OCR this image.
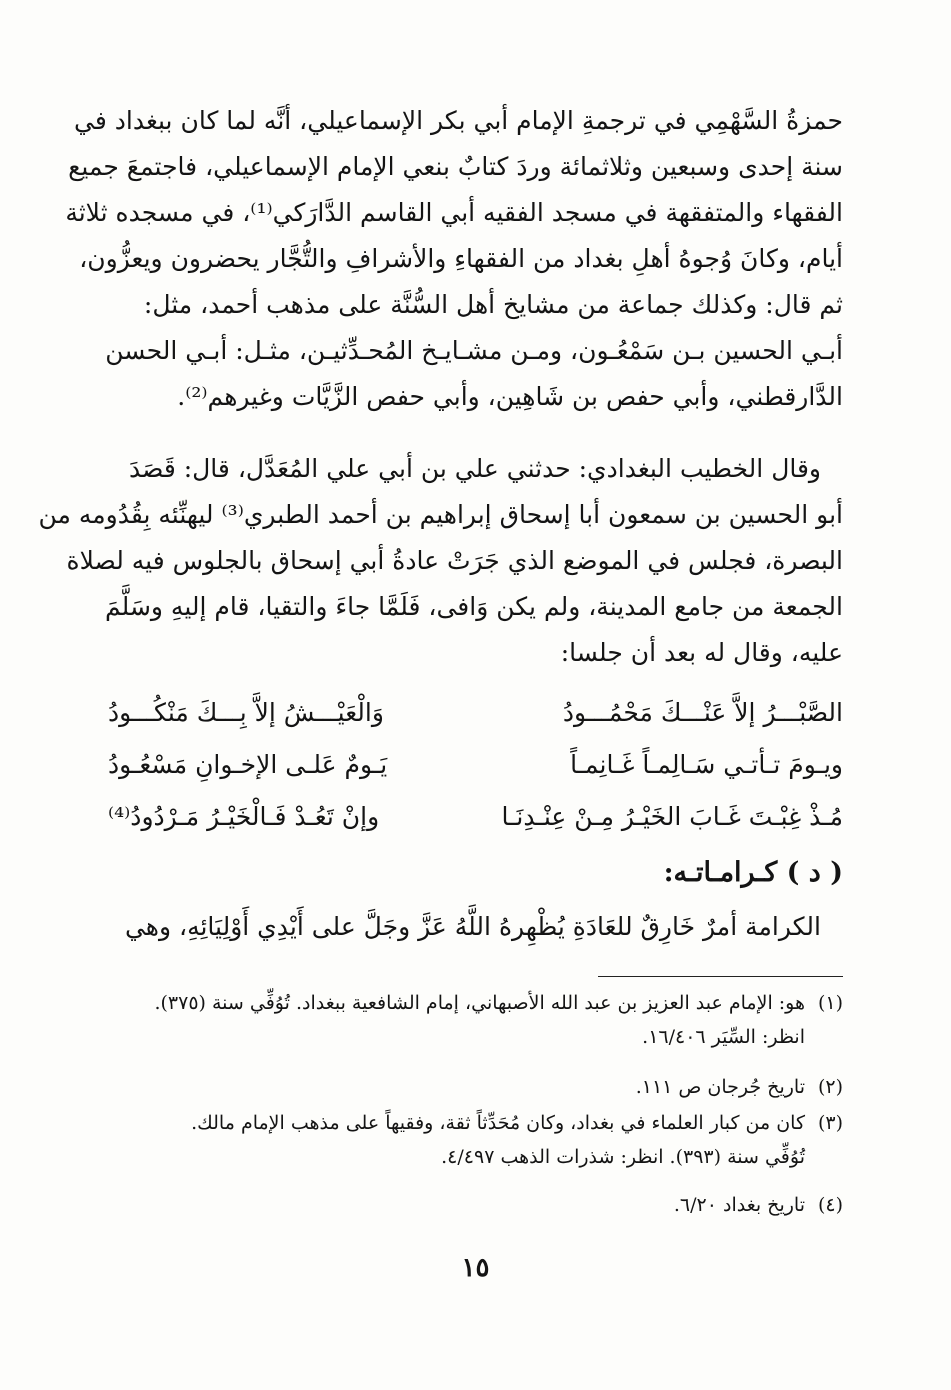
حمزةُ السَّهْمِي في ترجمةِ الإمام أبي بكر الإسماعيلي، أنَّه لما كان ببغداد في
سنة إحدى وسبعين وثلاثمائة وردَ كتابٌ بنعي الإمام الإسماعيلي، فاجتمعَ جميع
الفقهاء والمتفقهة في مسجد الفقيه أبي القاسم الدَّارَكي⁽¹⁾، في مسجده ثلاثة
أيام، وكانَ وُجوهُ أهلِ بغداد من الفقهاءِ والأشرافِ والتُّجَّار يحضرون ويعزُّون،
ثم قال: وكذلك جماعة من مشايخ أهل السُّنَّة على مذهب أحمد، مثل:
أبـي الحسين بـن سَمْعُـون، ومـن مشـايـخ المُحـدِّثيـن، مثـل: أبـي الحسن
الدَّارقطني، وأبي حفص بن شَاهِين، وأبي حفص الزَّيَّات وغيرهم⁽²⁾.
وقال الخطيب البغدادي: حدثني علي بن أبي علي المُعَدَّل، قال: قَصَدَ
أبو الحسين بن سمعون أبا إسحاق إبراهيم بن أحمد الطبري⁽³⁾ ليهنِّئه بِقُدُومه من
البصرة، فجلس في الموضع الذي جَرَتْ عادةُ أبي إسحاق بالجلوس فيه لصلاة
الجمعة من جامع المدينة، ولم يكن وَافى، فَلَمَّا جاءَ والتقيا، قام إليهِ وسَلَّمَ
عليه، وقال له بعد أن جلسا:
الصَّبْـــرُ إلاَّ عَنْـــكَ مَحْمُـــودُ
وَالْعَيْـــشُ إلاَّ بِـــكَ مَنْكُـــودُ
ويـومَ تـأتـي سَـالِمـاً غَـانِمـاً
يَـومٌ عَلـى الإخـوانِ مَسْعُـودُ
مُـذْ غِبْـتَ غَـابَ الخَيْـرُ مِـنْ عِنْـدِنَـا
وإنْ تَعُـدْ فَـالْخَيْـرُ مَـرْدُودُ⁽⁴⁾
( د ) كـرامـاتـه:
الكرامة أمرٌ خَارِقٌ للعَادَةِ يُظْهِرهُ اللَّهُ عَزَّ وجَلَّ على أَيْدِي أَوْلِيَائِهِ، وهي
(١)هو: الإمام عبد العزيز بن عبد الله الأصبهاني، إمام الشافعية ببغداد. تُوُفِّي سنة (٣٧٥).
انظر: السِّيَر ١٦/٤٠٦.
(٢)تاريخ جُرجان ص ١١١.
(٣)كان من كبار العلماء في بغداد، وكان مُحَدِّثاً ثقة، وفقيهاً على مذهب الإمام مالك.
تُوُفِّي سنة (٣٩٣). انظر: شذرات الذهب ٤/٤٩٧.
(٤)تاريخ بغداد ٦/٢٠.
١٥
